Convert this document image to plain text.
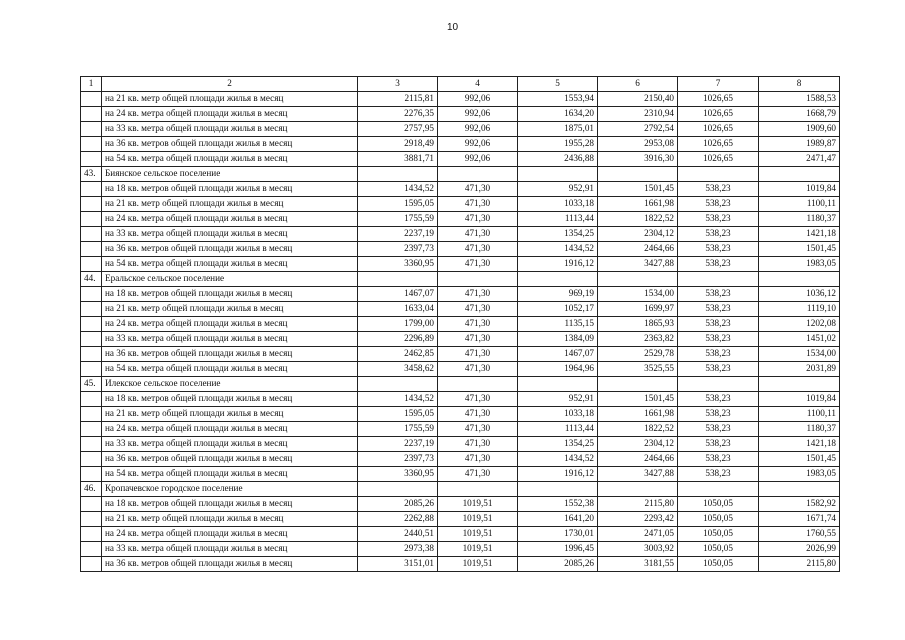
10
1	2	3	4	5	6	7	8
	на 21 кв. метр общей площади жилья в месяц	2115,81	992,06	1553,94	2150,40	1026,65	1588,53
	на 24 кв. метра общей площади жилья в месяц	2276,35	992,06	1634,20	2310,94	1026,65	1668,79
	на 33 кв. метра общей площади жилья в месяц	2757,95	992,06	1875,01	2792,54	1026,65	1909,60
	на 36 кв. метров общей площади жилья в месяц	2918,49	992,06	1955,28	2953,08	1026,65	1989,87
	на 54 кв. метра общей площади жилья в месяц	3881,71	992,06	2436,88	3916,30	1026,65	2471,47
43.	Биянское сельское поселение						
	на 18 кв. метров общей площади жилья в месяц	1434,52	471,30	952,91	1501,45	538,23	1019,84
	на 21 кв. метр общей площади жилья в месяц	1595,05	471,30	1033,18	1661,98	538,23	1100,11
	на 24 кв. метра общей площади жилья в месяц	1755,59	471,30	1113,44	1822,52	538,23	1180,37
	на 33 кв. метра общей площади жилья в месяц	2237,19	471,30	1354,25	2304,12	538,23	1421,18
	на 36 кв. метров общей площади жилья в месяц	2397,73	471,30	1434,52	2464,66	538,23	1501,45
	на 54 кв. метра общей площади жилья в месяц	3360,95	471,30	1916,12	3427,88	538,23	1983,05
44.	Еральское сельское поселение						
	на 18 кв. метров общей площади жилья в месяц	1467,07	471,30	969,19	1534,00	538,23	1036,12
	на 21 кв. метр общей площади жилья в месяц	1633,04	471,30	1052,17	1699,97	538,23	1119,10
	на 24 кв. метра общей площади жилья в месяц	1799,00	471,30	1135,15	1865,93	538,23	1202,08
	на 33 кв. метра общей площади жилья в месяц	2296,89	471,30	1384,09	2363,82	538,23	1451,02
	на 36 кв. метров общей площади жилья в месяц	2462,85	471,30	1467,07	2529,78	538,23	1534,00
	на 54 кв. метра общей площади жилья в месяц	3458,62	471,30	1964,96	3525,55	538,23	2031,89
45.	Илекское сельское поселение						
	на 18 кв. метров общей площади жилья в месяц	1434,52	471,30	952,91	1501,45	538,23	1019,84
	на 21 кв. метр общей площади жилья в месяц	1595,05	471,30	1033,18	1661,98	538,23	1100,11
	на 24 кв. метра общей площади жилья в месяц	1755,59	471,30	1113,44	1822,52	538,23	1180,37
	на 33 кв. метра общей площади жилья в месяц	2237,19	471,30	1354,25	2304,12	538,23	1421,18
	на 36 кв. метров общей площади жилья в месяц	2397,73	471,30	1434,52	2464,66	538,23	1501,45
	на 54 кв. метра общей площади жилья в месяц	3360,95	471,30	1916,12	3427,88	538,23	1983,05
46.	Кропачевское городское поселение						
	на 18 кв. метров общей площади жилья в месяц	2085,26	1019,51	1552,38	2115,80	1050,05	1582,92
	на 21 кв. метр общей площади жилья в месяц	2262,88	1019,51	1641,20	2293,42	1050,05	1671,74
	на 24 кв. метра общей площади жилья в месяц	2440,51	1019,51	1730,01	2471,05	1050,05	1760,55
	на 33 кв. метра общей площади жилья в месяц	2973,38	1019,51	1996,45	3003,92	1050,05	2026,99
	на 36 кв. метров общей площади жилья в месяц	3151,01	1019,51	2085,26	3181,55	1050,05	2115,80
